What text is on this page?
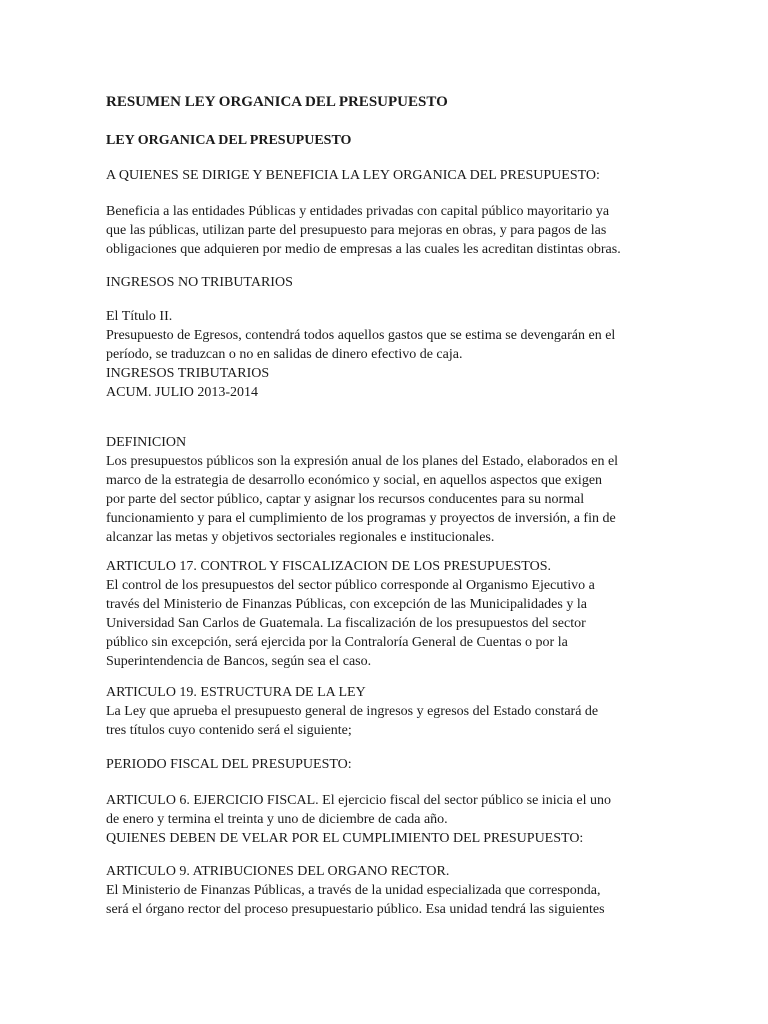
RESUMEN LEY ORGANICA DEL PRESUPUESTO
LEY ORGANICA DEL PRESUPUESTO
A QUIENES SE DIRIGE Y BENEFICIA LA LEY ORGANICA DEL PRESUPUESTO:
Beneficia a las entidades Públicas y entidades privadas con capital público mayoritario ya
que las públicas, utilizan parte del presupuesto para mejoras en obras, y para pagos de las
obligaciones que adquieren por medio de empresas a las cuales les acreditan distintas obras.
INGRESOS NO TRIBUTARIOS
El Título II.
Presupuesto de Egresos, contendrá todos aquellos gastos que se estima se devengarán en el
período, se traduzcan o no en salidas de dinero efectivo de caja.
INGRESOS TRIBUTARIOS
ACUM. JULIO 2013-2014
DEFINICION
Los presupuestos públicos son la expresión anual de los planes del Estado, elaborados en el
marco de la estrategia de desarrollo económico y social, en aquellos aspectos que exigen
por parte del sector público, captar y asignar los recursos conducentes para su normal
funcionamiento y para el cumplimiento de los programas y proyectos de inversión, a fin de
alcanzar las metas y objetivos sectoriales regionales e institucionales.
ARTICULO 17. CONTROL Y FISCALIZACION DE LOS PRESUPUESTOS.
El control de los presupuestos del sector público corresponde al Organismo Ejecutivo a
través del Ministerio de Finanzas Públicas, con excepción de las Municipalidades y la
Universidad San Carlos de Guatemala. La fiscalización de los presupuestos del sector
público sin excepción, será ejercida por la Contraloría General de Cuentas o por la
Superintendencia de Bancos, según sea el caso.
ARTICULO 19. ESTRUCTURA DE LA LEY
La Ley que aprueba el presupuesto general de ingresos y egresos del Estado constará de
tres títulos cuyo contenido será el siguiente;
PERIODO FISCAL DEL PRESUPUESTO:
ARTICULO 6. EJERCICIO FISCAL. El ejercicio fiscal del sector público se inicia el uno
de enero y termina el treinta y uno de diciembre de cada año.
QUIENES DEBEN DE VELAR POR EL CUMPLIMIENTO DEL PRESUPUESTO:
ARTICULO 9. ATRIBUCIONES DEL ORGANO RECTOR.
El Ministerio de Finanzas Públicas, a través de la unidad especializada que corresponda,
será el órgano rector del proceso presupuestario público. Esa unidad tendrá las siguientes
